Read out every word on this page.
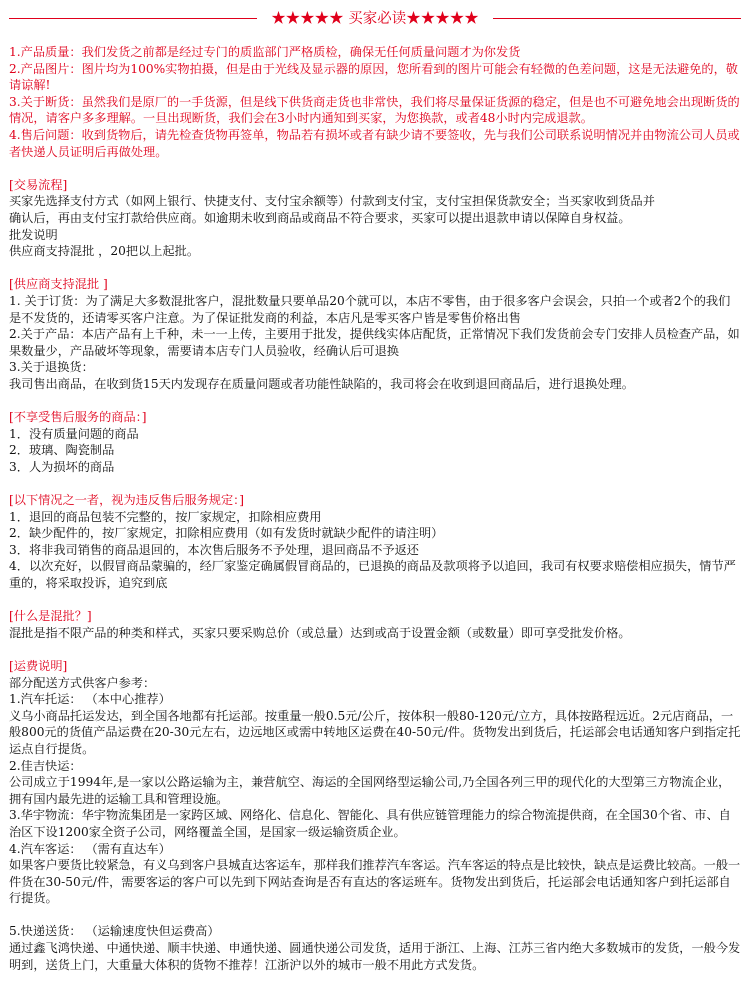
★★★★★ 买家必读★★★★★

1.产品质量：我们发货之前都是经过专门的质监部门严格质检，确保无任何质量问题才为你发货

2.产品图片：图片均为100%实物拍摄，但是由于光线及显示器的原因，您所看到的图片可能会有轻微的色差问题，这是无法避免的，敬请谅解!

3.关于断货：虽然我们是原厂的一手货源，但是线下供货商走货也非常快，我们将尽量保证货源的稳定，但是也不可避免地会出现断货的情况，请客户多多理解。一旦出现断货，我们会在3小时内通知到买家，为您换款，或者48小时内完成退款。

4.售后问题：收到货物后，请先检查货物再签单，物品若有损坏或者有缺少请不要签收，先与我们公司联系说明情况并由物流公司人员或者快递人员证明后再做处理。

[交易流程]

买家先选择支付方式（如网上银行、快捷支付、支付宝余额等）付款到支付宝，支付宝担保货款安全；当买家收到货品并

确认后，再由支付宝打款给供应商。如逾期未收到商品或商品不符合要求，买家可以提出退款申请以保障自身权益。

批发说明

供应商支持混批 ，20把以上起批。

[供应商支持混批 ]

1. 关于订货：为了满足大多数混批客户，混批数量只要单品20个就可以，本店不零售，由于很多客户会误会，只拍一个或者2个的我们是不发货的，还请零买客户注意。为了保证批发商的利益，本店凡是零买客户皆是零售价格出售

2.关于产品：本店产品有上千种，未一一上传，主要用于批发，提供线实体店配货，正常情况下我们发货前会专门安排人员检查产品，如果数量少，产品破坏等现象，需要请本店专门人员验收，经确认后可退换

3.关于退换货：

我司售出商品，在收到货15天内发现存在质量问题或者功能性缺陷的，我司将会在收到退回商品后，进行退换处理。

[不享受售后服务的商品：]

1．没有质量问题的商品

2．玻璃、陶瓷制品

3．人为损坏的商品

[以下情况之一者，视为违反售后服务规定：]

1．退回的商品包装不完整的，按厂家规定，扣除相应费用

2．缺少配件的，按厂家规定，扣除相应费用（如有发货时就缺少配件的请注明）

3．将非我司销售的商品退回的，本次售后服务不予处理，退回商品不予返还

4．以次充好，以假冒商品蒙骗的，经厂家鉴定确属假冒商品的，已退换的商品及款项将予以追回，我司有权要求赔偿相应损失，情节严重的，将采取投诉，追究到底

[什么是混批？]

混批是指不限产品的种类和样式，买家只要采购总价（或总量）达到或高于设置金额（或数量）即可享受批发价格。

[运费说明]

部分配送方式供客户参考：

1.汽车托运： （本中心推荐）

义乌小商品托运发达，到全国各地都有托运部。按重量一般0.5元/公斤，按体积一般80-120元/立方，具体按路程远近。2元店商品，一般800元的货值产品运费在20-30元左右，边远地区或需中转地区运费在40-50元/件。货物发出到货后，托运部会电话通知客户到指定托运点自行提货。

2.佳吉快运：

公司成立于1994年,是一家以公路运输为主，兼营航空、海运的全国网络型运输公司,乃全国各列三甲的现代化的大型第三方物流企业，拥有国内最先进的运输工具和管理设施。

3.华宇物流：华宇物流集团是一家跨区域、网络化、信息化、智能化、具有供应链管理能力的综合物流提供商，在全国30个省、市、自治区下设1200家全资子公司，网络覆盖全国，是国家一级运输资质企业。

4.汽车客运： （需有直达车）

如果客户要货比较紧急，有义乌到客户县城直达客运车，那样我们推荐汽车客运。汽车客运的特点是比较快，缺点是运费比较高。一般一件货在30-50元/件，需要客运的客户可以先到下网站查询是否有直达的客运班车。货物发出到货后，托运部会电话通知客户到托运部自行提货。

5.快递送货： （运输速度快但运费高）

通过鑫飞鸿快递、中通快递、顺丰快递、申通快递、圆通快递公司发货，适用于浙江、上海、江苏三省内绝大多数城市的发货，一般今发明到，送货上门，大重量大体积的货物不推荐！江浙沪以外的城市一般不用此方式发货。
